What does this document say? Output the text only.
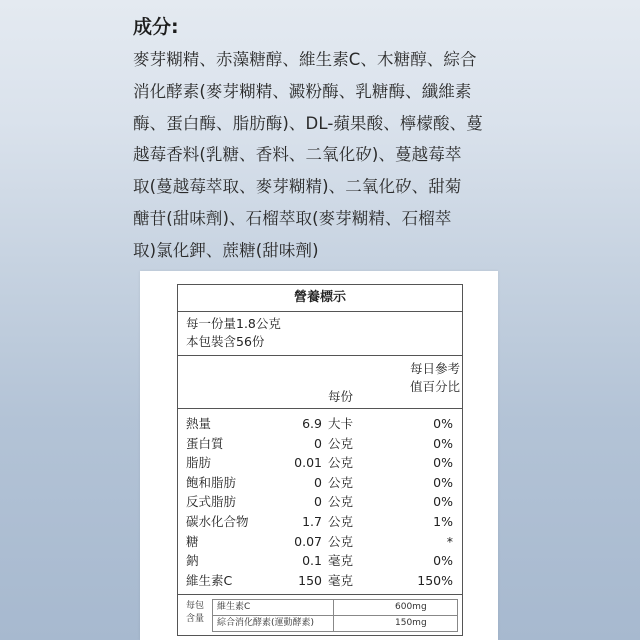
成分:
麥芽糊精、赤藻糖醇、維生素C、木糖醇、綜合
消化酵素(麥芽糊精、澱粉酶、乳糖酶、纖維素
酶、蛋白酶、脂肪酶)、DL-蘋果酸、檸檬酸、蔓
越莓香料(乳糖、香料、二氧化矽)、蔓越莓萃
取(蔓越莓萃取、麥芽糊精)、二氧化矽、甜菊
醣苷(甜味劑)、石榴萃取(麥芽糊精、石榴萃
取)氯化鉀、蔗糖(甜味劑)
營養標示
每一份量1.8公克
本包裝含56份
每份
每日參考
值百分比
熱量	6.9 大卡	0%
蛋白質	0 公克	0%
脂肪	0.01 公克	0%
飽和脂肪	0 公克	0%
反式脂肪	0 公克	0%
碳水化合物	1.7 公克	1%
糖	0.07 公克	*
鈉	0.1 毫克	0%
維生素C	150 毫克	150%
每包
含量
維生素C	600mg
綜合消化酵素(運動酵素)	150mg
